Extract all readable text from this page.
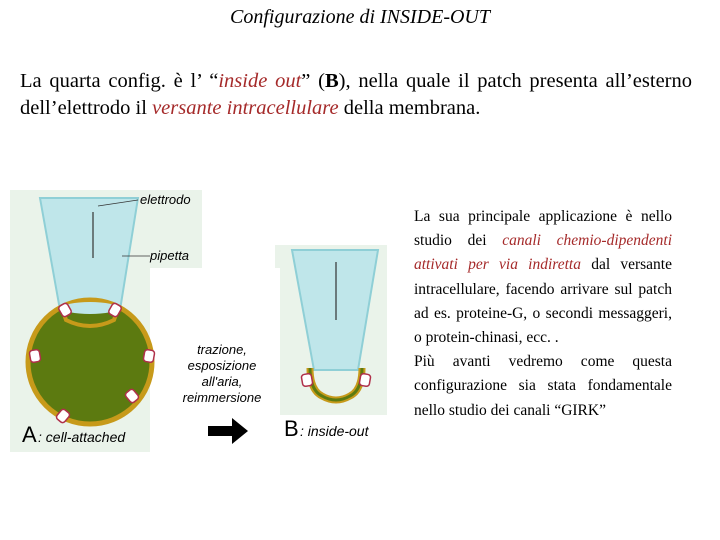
Configurazione di INSIDE-OUT
La quarta config. è l’ “inside out” (B), nella quale il patch presenta all’esterno dell’elettrodo il versante intracellulare della membrana.
elettrodo
pipetta
trazione,
esposizione
all'aria,
reimmersione
A : cell-attached	B : inside-out

La sua principale applicazione è nello studio dei canali chemio-dipendenti attivati per via indiretta dal versante intracellulare, facendo arrivare sul patch ad es. proteine-G, o secondi messaggeri, o protein-chinasi, ecc. .

Più avanti vedremo come questa configurazione sia stata fondamentale nello studio dei canali “GIRK”
